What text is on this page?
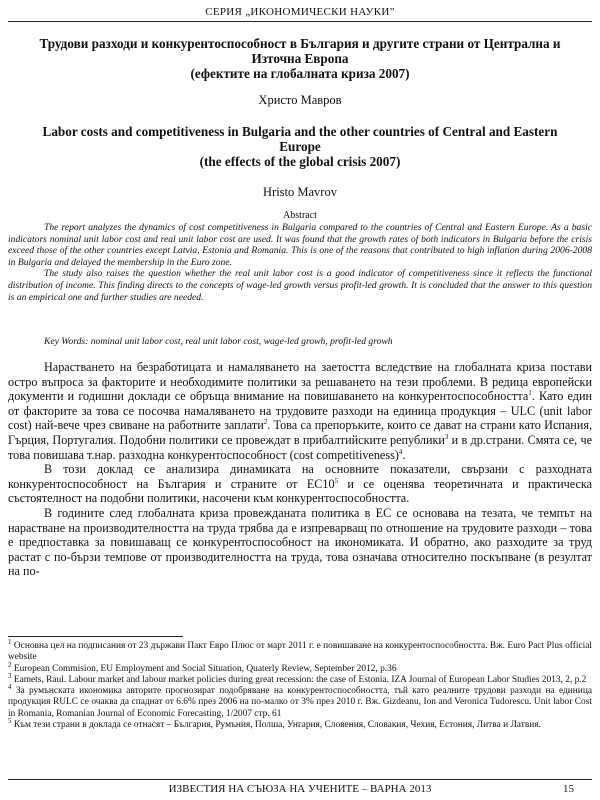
СЕРИЯ „ИКОНОМИЧЕСКИ НАУКИ”
Трудови разходи и конкурентоспособност в България и другите страни от Централна и
Източна Европа
(ефектите на глобалната криза 2007)
Христо Мавров
Labor costs and competitiveness in Bulgaria and the other countries of Central and Eastern
Europe
(the effects of the global crisis 2007)
Hristo Mavrov
Abstract

The report analyzes the dynamics of cost competitiveness in Bulgaria compared to the countries of Central and Eastern Europe. As a basic indicators nominal unit labor cost and real unit labor cost are used. It was found that the growth rates of both indicators in Bulgaria before the crisis exceed those of the other countries except Latvia, Estonia and Romania. This is one of the reasons that contributed to high inflation during 2006-2008 in Bulgaria and delayed the membership in the Euro zone.

The study also raises the question whether the real unit labor cost is a good indicator of competitiveness since it reflects the functional distribution of income. This finding directs to the concepts of wage-led growth versus profit-led growth. It is concluded that the answer to this question is an empirical one and further studies are needed.

Key Words: nominal unit labor cost, real unit labor cost, wage-led growh, profit-led growh

Нарастването на безработицата и намаляването на заетостта вследствие на глобалната криза постави остро въпроса за факторите и необходимите политики за решаването на тези проблеми. В редица европейски документи и годишни доклади се обръща внимание на повишаването на конкурентоспособността$^1$. Като един от факторите за това се посочва намаляването на трудовите разходи на единица продукция – ULC (unit labor cost) най-вече чрез свиване на работните заплати$^2$. Това са препоръките, които се дават на страни като Испания, Гърция, Португалия. Подобни политики се провеждат в прибалтийските републики$^3$ и в др.страни. Смята се, че това повишава т.нар. разходна конкурентоспособност (cost competitiveness)$^4$.

В този доклад се анализира динамиката на основните показатели, свързани с разходната конкурентоспособност на България и страните от $ЕС10^5$ и се оценява теоретичната и практическа състоятелност на подобни политики, насочени към конкурентоспособността.

В годините след глобалната криза провежданата политика в ЕС се основава на тезата, че темпът на нарастване на производителността на труда трябва да е изпреварващ по отношение на трудовите разходи – това е предпоставка за повишаващ се конкурентоспособност на икономиката. И обратно, ако разходите за труд растат с по-бързи темпове от производителността на труда, това означава относително поскъпване (в резултат на по-

$^1$ Основна цел на подписания от 23 държави Пакт Евро Плюс от март 2011 г. е повишаване на конкурентоспособността. Вж. Euro Pact Plus official website

$^2$ European Commision, EU Employment and Social Situation, Quaterly Review, September 2012, p.36

$^3$ Eamets, Raul. Labour market and labour market policies during great recession: the case of Estonia. IZA Journal of European Labor Studies 2013, 2, p.2

$^4$ За румънската икономика авторите прогнозират подобряване на конкурентоспособността, тъй като реалните трудови разходи на единица продукция RULC се очаква да спаднат от 6.6% през 2006 на по-малко от 3% през 2010 г. Вж. Gizdeanu, Ion and Veronica Tudorescu. Unit labor Cost in Romania, Romanian Journal of Economic Forecasting, 1/2007 стр. 61

$^5$ Към тези страни в доклада се отнасят – България, Румъния, Полша, Унгария, Словения, Словакия, Чехия, Естония, Литва и Латвия.

ИЗВЕСТИЯ НА СЪЮЗА НА УЧЕНИТЕ – ВАРНА 2013	15
